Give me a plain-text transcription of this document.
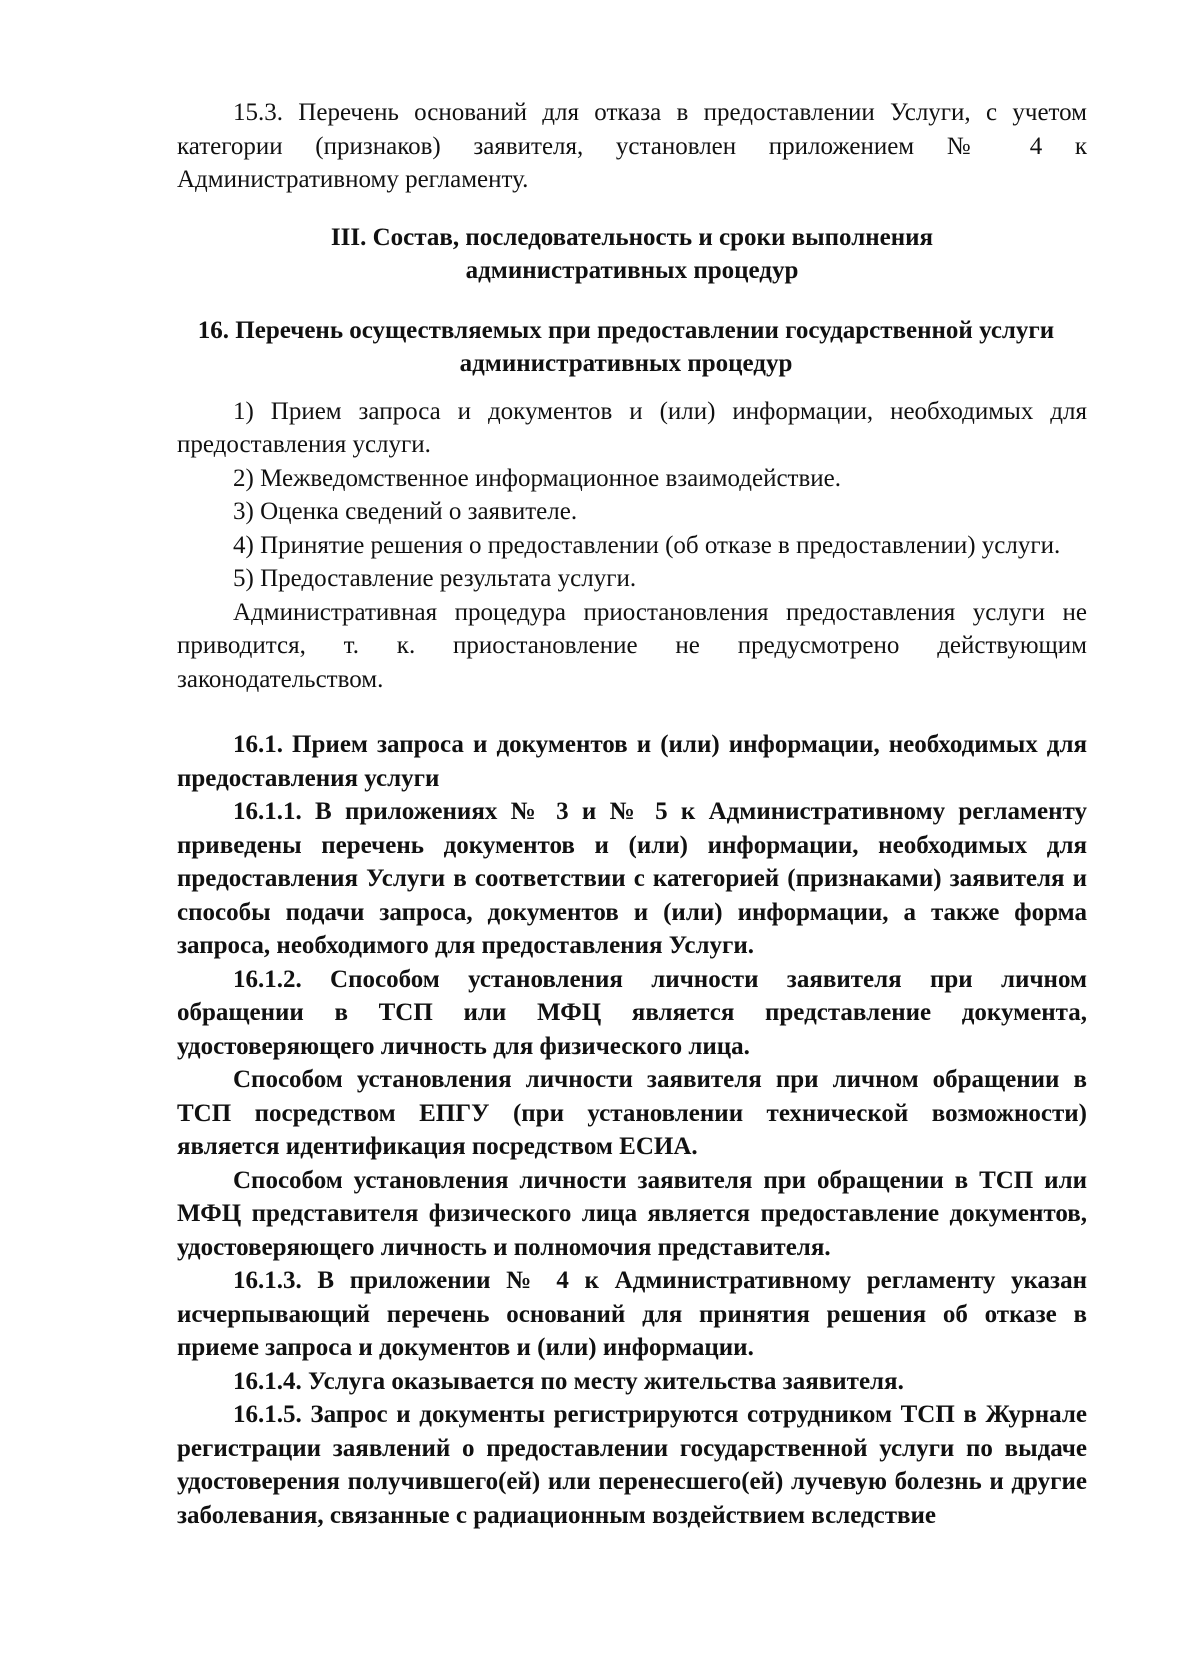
15.3. Перечень оснований для отказа в предоставлении Услуги, с учетом категории (признаков) заявителя, установлен приложением № 4 к Административному регламенту.

III. Состав, последовательность и сроки выполнения
административных процедур
16. Перечень осуществляемых при предоставлении государственной услуги
административных процедур

1) Прием запроса и документов и (или) информации, необходимых для предоставления услуги.

2) Межведомственное информационное взаимодействие.

3) Оценка сведений о заявителе.

4) Принятие решения о предоставлении (об отказе в предоставлении) услуги.

5) Предоставление результата услуги.

Административная процедура приостановления предоставления услуги не приводится, т. к. приостановление не предусмотрено действующим законодательством.

16.1. Прием запроса и документов и (или) информации, необходимых для предоставления услуги

16.1.1. В приложениях № 3 и № 5 к Административному регламенту приведены перечень документов и (или) информации, необходимых для предоставления Услуги в соответствии с категорией (признаками) заявителя и способы подачи запроса, документов и (или) информации, а также форма запроса, необходимого для предоставления Услуги.

16.1.2. Способом установления личности заявителя при личном обращении в ТСП или МФЦ является представление документа, удостоверяющего личность для физического лица.

Способом установления личности заявителя при личном обращении в ТСП посредством ЕПГУ (при установлении технической возможности) является идентификация посредством ЕСИА.

Способом установления личности заявителя при обращении в ТСП или МФЦ представителя физического лица является предоставление документов, удостоверяющего личность и полномочия представителя.

16.1.3. В приложении № 4 к Административному регламенту указан исчерпывающий перечень оснований для принятия решения об отказе в приеме запроса и документов и (или) информации.

16.1.4. Услуга оказывается по месту жительства заявителя.

16.1.5. Запрос и документы регистрируются сотрудником ТСП в Журнале регистрации заявлений о предоставлении государственной услуги по выдаче удостоверения получившего(ей) или перенесшего(ей) лучевую болезнь и другие заболевания, связанные с радиационным воздействием вследствие
